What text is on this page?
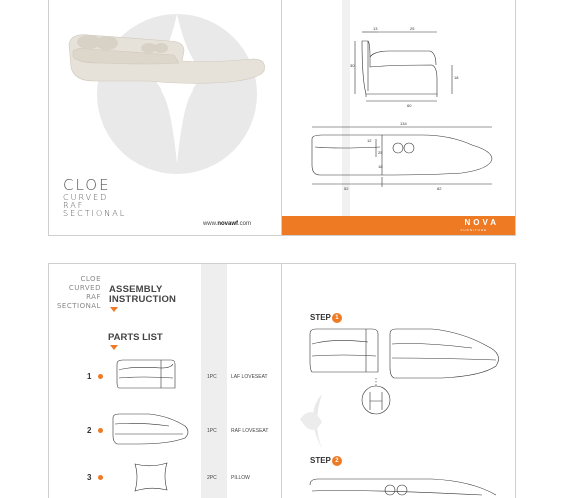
CLOE
CURVED
RAF
SECTIONAL
www.novawf.com
13	25
30
18
60
134
12
25
18
52	82
NOVA
FURNITURE
CLOE
CURVED
RAF
SECTIONAL
ASSEMBLY
INSTRUCTION
PARTS LIST
1	1PC	LAF LOVESEAT
2	1PC	RAF LOVESEAT
3	2PC	PILLOW
STEP 1
STEP 2
